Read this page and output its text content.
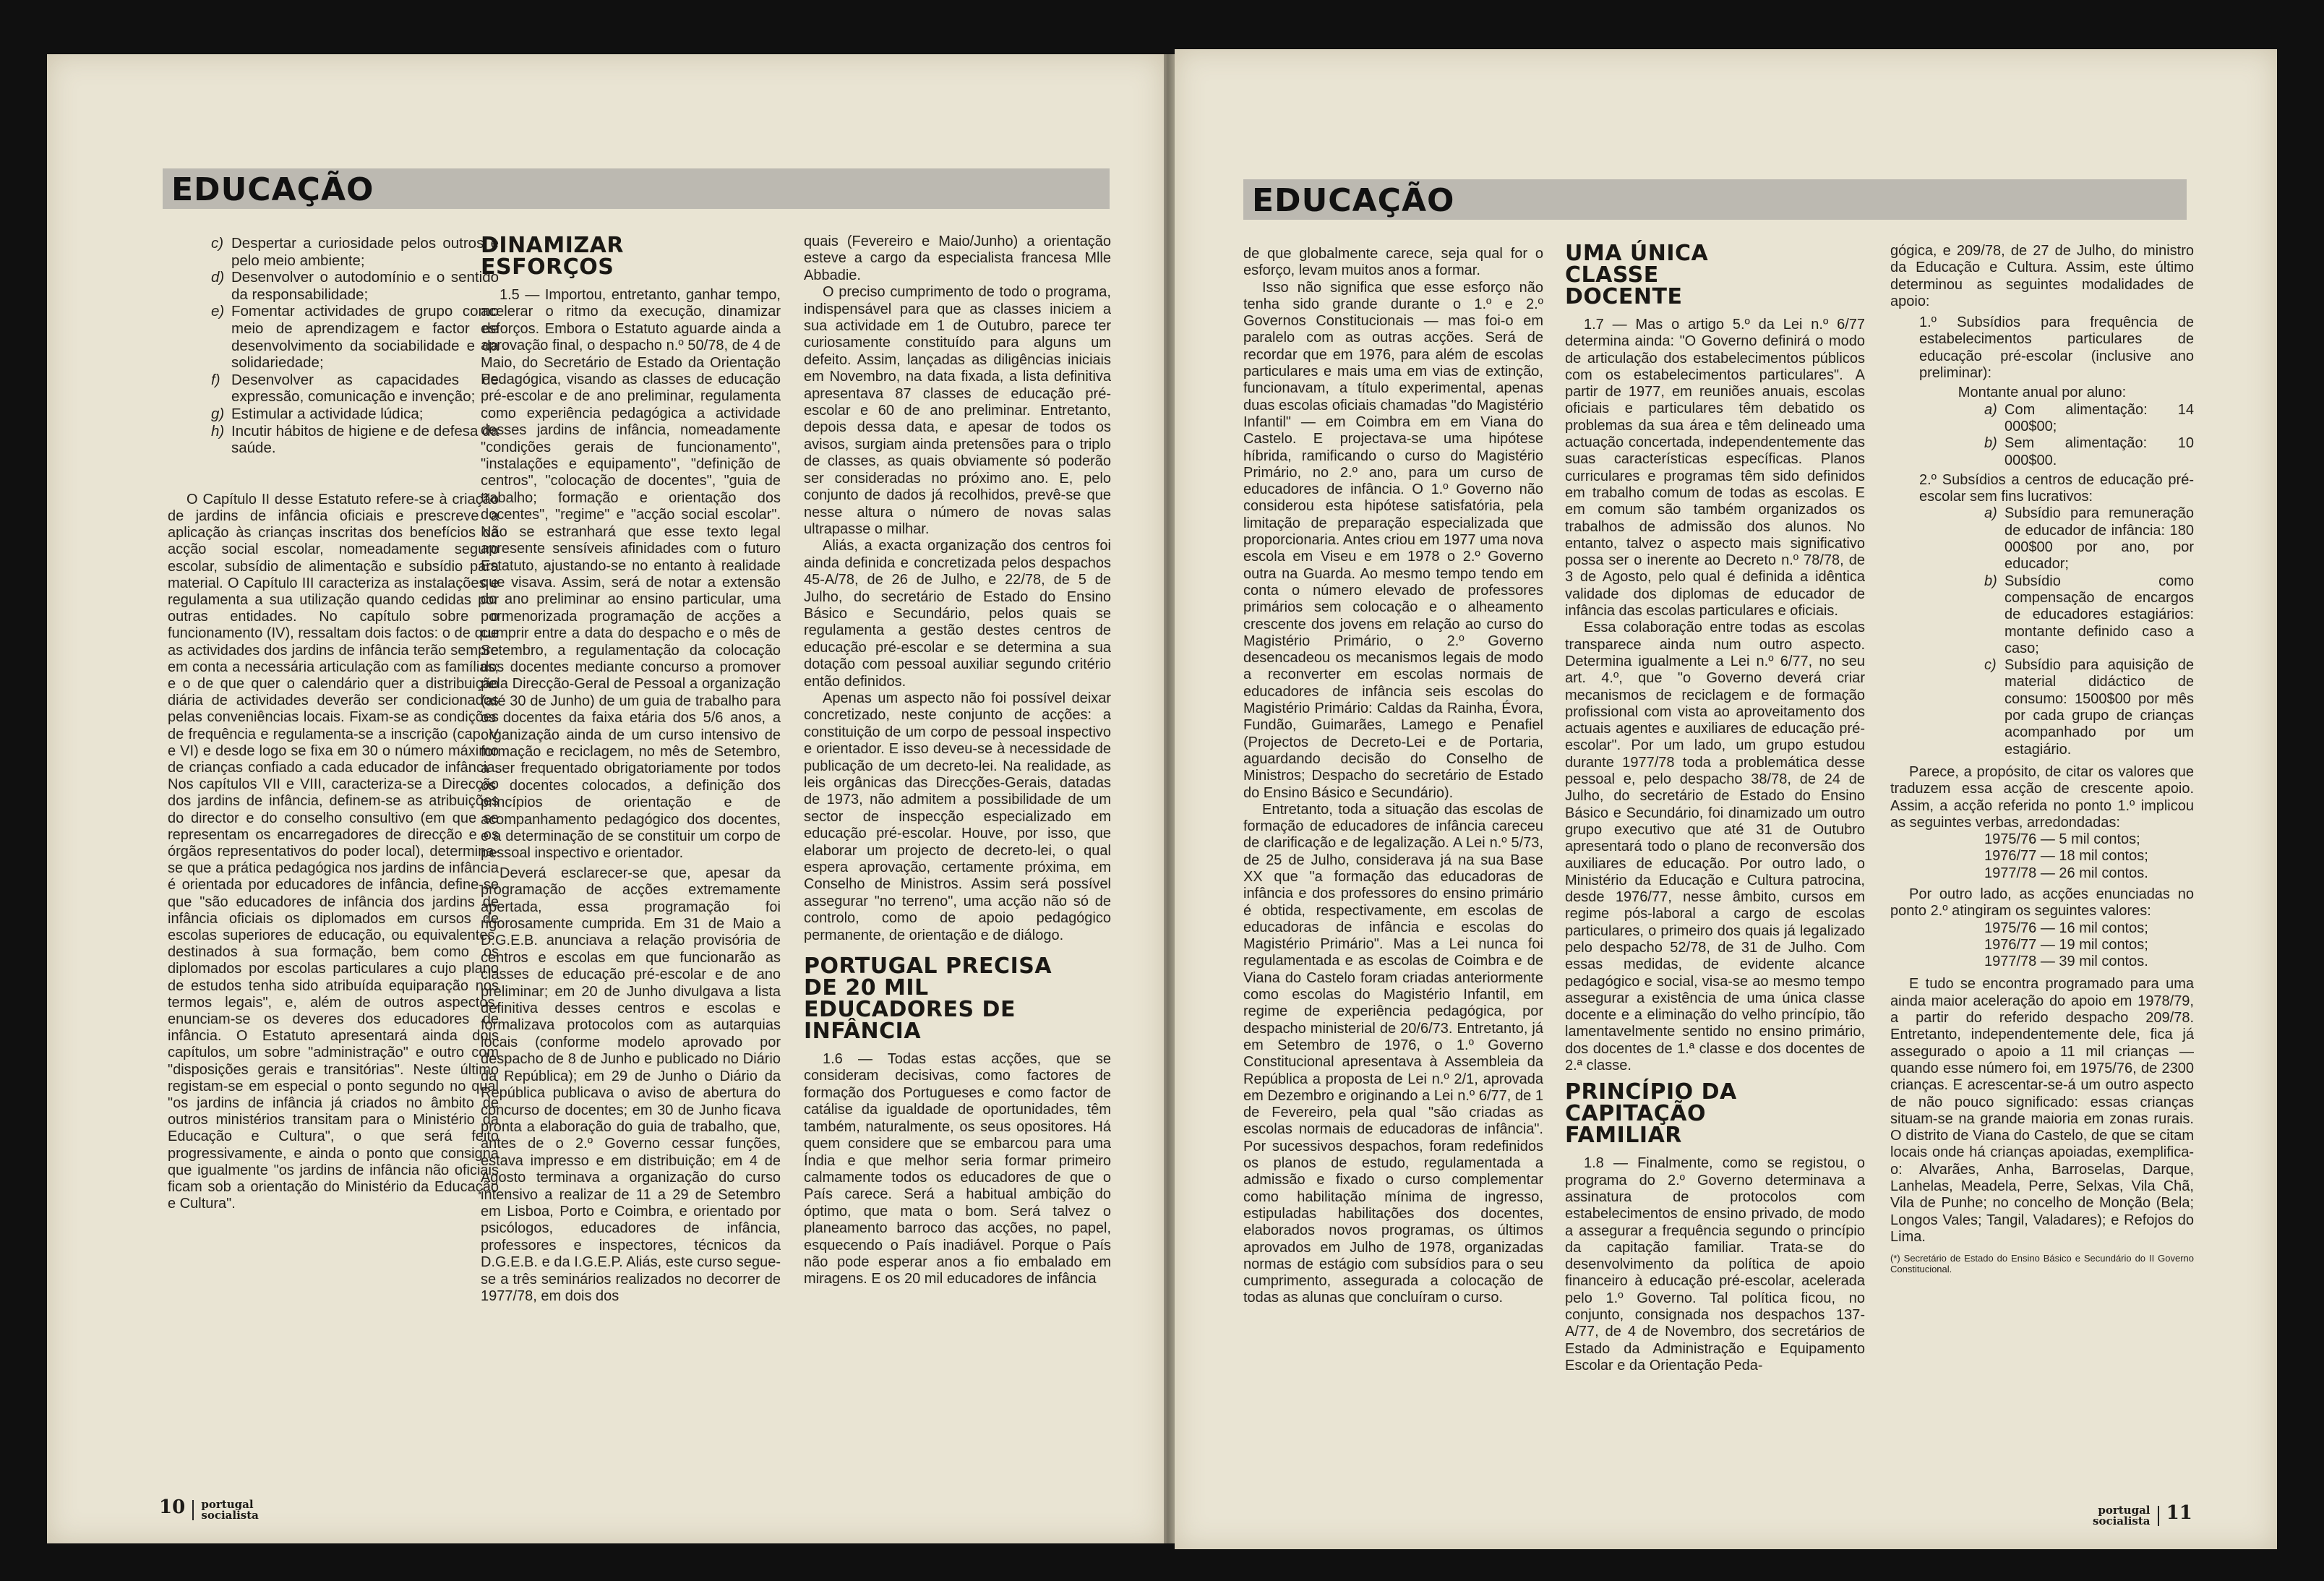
EDUCAÇÃO

c) Despertar a curiosidade pelos outros e pelo meio ambiente;

d) Desenvolver o autodomínio e o sentido da responsabilidade;

e) Fomentar actividades de grupo como meio de aprendizagem e factor de desenvolvimento da sociabilidade e da solidariedade;

f) Desenvolver as capacidades de expressão, comunicação e invenção;

g) Estimular a actividade lúdica;

h) Incutir hábitos de higiene e de defesa da saúde.

O Capítulo II desse Estatuto refere-se à criação de jardins de infância oficiais e prescreve a aplicação às crianças inscritas dos benefícios da acção social escolar, nomeadamente seguro escolar, subsídio de alimentação e subsídio para material. O Capítulo III caracteriza as instalações e regulamenta a sua utilização quando cedidas por outras entidades. No capítulo sobre o funcionamento (IV), ressaltam dois factos: o de que as actividades dos jardins de infância terão sempre em conta a necessária articulação com as famílias; e o de que quer o calendário quer a distribuição diária de actividades deverão ser condicionados pelas conveniências locais. Fixam-se as condições de frequência e regulamenta-se a inscrição (cap. V e VI) e desde logo se fixa em 30 o número máximo de crianças confiado a cada educador de infância. Nos capítulos VII e VIII, caracteriza-se a Direcção dos jardins de infância, definem-se as atribuições do director e do conselho consultivo (em que se representam os encarregadores de direcção e os órgãos representativos do poder local), determina-se que a prática pedagógica nos jardins de infância é orientada por educadores de infância, define-se que "são educadores de infância dos jardins de infância oficiais os diplomados em cursos de escolas superiores de educação, ou equivalentes, destinados à sua formação, bem como os diplomados por escolas particulares a cujo plano de estudos tenha sido atribuída equiparação nos termos legais", e, além de outros aspectos, enunciam-se os deveres dos educadores de infância. O Estatuto apresentará ainda dois capítulos, um sobre "administração" e outro com "disposições gerais e transitórias". Neste último registam-se em especial o ponto segundo no qual "os jardins de infância já criados no âmbito de outros ministérios transitam para o Ministério da Educação e Cultura", o que será feito progressivamente, e ainda o ponto que consigna que igualmente "os jardins de infância não oficiais ficam sob a orientação do Ministério da Educação e Cultura".

DINAMIZAR ESFORÇOS

1.5 — Importou, entretanto, ganhar tempo, acelerar o ritmo da execução, dinamizar esforços. Embora o Estatuto aguarde ainda a aprovação final, o despacho n.º 50/78, de 4 de Maio, do Secretário de Estado da Orientação Pedagógica, visando as classes de educação pré-escolar e de ano preliminar, regulamenta como experiência pedagógica a actividade desses jardins de infância, nomeadamente "condições gerais de funcionamento", "instalações e equipamento", "definição de centros", "colocação de docentes", "guia de trabalho; formação e orientação dos docentes", "regime" e "acção social escolar". Não se estranhará que esse texto legal apresente sensíveis afinidades com o futuro Estatuto, ajustando-se no entanto à realidade que visava. Assim, será de notar a extensão do ano preliminar ao ensino particular, uma pormenorizada programação de acções a cumprir entre a data do despacho e o mês de Setembro, a regulamentação da colocação dos docentes mediante concurso a promover pela Direcção-Geral de Pessoal a organização (até 30 de Junho) de um guia de trabalho para os docentes da faixa etária dos 5/6 anos, a organização ainda de um curso intensivo de formação e reciclagem, no mês de Setembro, a ser frequentado obrigatoriamente por todos os docentes colocados, a definição dos princípios de orientação e de acompanhamento pedagógico dos docentes, e a determinação de se constituir um corpo de pessoal inspectivo e orientador.

Deverá esclarecer-se que, apesar da programação de acções extremamente apertada, essa programação foi rigorosamente cumprida. Em 31 de Maio a D.G.E.B. anunciava a relação provisória de centros e escolas em que funcionarão as classes de educação pré-escolar e de ano preliminar; em 20 de Junho divulgava a lista definitiva desses centros e escolas e formalizava protocolos com as autarquias locais (conforme modelo aprovado por despacho de 8 de Junho e publicado no Diário da República); em 29 de Junho o Diário da República publicava o aviso de abertura do concurso de docentes; em 30 de Junho ficava pronta a elaboração do guia de trabalho, que, antes de o 2.º Governo cessar funções, estava impresso e em distribuição; em 4 de Agosto terminava a organização do curso intensivo a realizar de 11 a 29 de Setembro em Lisboa, Porto e Coimbra, e orientado por psicólogos, educadores de infância, professores e inspectores, técnicos da D.G.E.B. e da I.G.E.P. Aliás, este curso segue-se a três seminários realizados no decorrer de 1977/78, em dois dos

quais (Fevereiro e Maio/Junho) a orientação esteve a cargo da especialista francesa Mlle Abbadie.

O preciso cumprimento de todo o programa, indispensável para que as classes iniciem a sua actividade em 1 de Outubro, parece ter curiosamente constituído para alguns um defeito. Assim, lançadas as diligências iniciais em Novembro, na data fixada, a lista definitiva apresentava 87 classes de educação pré-escolar e 60 de ano preliminar. Entretanto, depois dessa data, e apesar de todos os avisos, surgiam ainda pretensões para o triplo de classes, as quais obviamente só poderão ser consideradas no próximo ano. E, pelo conjunto de dados já recolhidos, prevê-se que nesse altura o número de novas salas ultrapasse o milhar.

Aliás, a exacta organização dos centros foi ainda definida e concretizada pelos despachos 45-A/78, de 26 de Julho, e 22/78, de 5 de Julho, do secretário de Estado do Ensino Básico e Secundário, pelos quais se regulamenta a gestão destes centros de educação pré-escolar e se determina a sua dotação com pessoal auxiliar segundo critério então definidos.

Apenas um aspecto não foi possível deixar concretizado, neste conjunto de acções: a constituição de um corpo de pessoal inspectivo e orientador. E isso deveu-se à necessidade de publicação de um decreto-lei. Na realidade, as leis orgânicas das Direcções-Gerais, datadas de 1973, não admitem a possibilidade de um sector de inspecção especializado em educação pré-escolar. Houve, por isso, que elaborar um projecto de decreto-lei, o qual espera aprovação, certamente próxima, em Conselho de Ministros. Assim será possível assegurar "no terreno", uma acção não só de controlo, como de apoio pedagógico permanente, de orientação e de diálogo.

PORTUGAL PRECISA DE 20 MIL EDUCADORES DE INFÂNCIA

1.6 — Todas estas acções, que se consideram decisivas, como factores de formação dos Portugueses e como factor de catálise da igualdade de oportunidades, têm também, naturalmente, os seus opositores. Há quem considere que se embarcou para uma Índia e que melhor seria formar primeiro calmamente todos os educadores de que o País carece. Será a habitual ambição do óptimo, que mata o bom. Será talvez o planeamento barroco das acções, no papel, esquecendo o País inadiável. Porque o País não pode esperar anos a fio embalado em miragens. E os 20 mil educadores de infância

10 portugal
socialista
EDUCAÇÃO

de que globalmente carece, seja qual for o esforço, levam muitos anos a formar.

Isso não significa que esse esforço não tenha sido grande durante o 1.º e 2.º Governos Constitucionais — mas foi-o em paralelo com as outras acções. Será de recordar que em 1976, para além de escolas particulares e mais uma em vias de extinção, funcionavam, a título experimental, apenas duas escolas oficiais chamadas "do Magistério Infantil" — em Coimbra em em Viana do Castelo. E projectava-se uma hipótese híbrida, ramificando o curso do Magistério Primário, no 2.º ano, para um curso de educadores de infância. O 1.º Governo não considerou esta hipótese satisfatória, pela limitação de preparação especializada que proporcionaria. Antes criou em 1977 uma nova escola em Viseu e em 1978 o 2.º Governo outra na Guarda. Ao mesmo tempo tendo em conta o número elevado de professores primários sem colocação e o alheamento crescente dos jovens em relação ao curso do Magistério Primário, o 2.º Governo desencadeou os mecanismos legais de modo a reconverter em escolas normais de educadores de infância seis escolas do Magistério Primário: Caldas da Rainha, Évora, Fundão, Guimarães, Lamego e Penafiel (Projectos de Decreto-Lei e de Portaria, aguardando decisão do Conselho de Ministros; Despacho do secretário de Estado do Ensino Básico e Secundário).

Entretanto, toda a situação das escolas de formação de educadores de infância careceu de clarificação e de legalização. A Lei n.º 5/73, de 25 de Julho, considerava já na sua Base XX que "a formação das educadoras de infância e dos professores do ensino primário é obtida, respectivamente, em escolas de educadoras de infância e escolas do Magistério Primário". Mas a Lei nunca foi regulamentada e as escolas de Coimbra e de Viana do Castelo foram criadas anteriormente como escolas do Magistério Infantil, em regime de experiência pedagógica, por despacho ministerial de 20/6/73. Entretanto, já em Setembro de 1976, o 1.º Governo Constitucional apresentava à Assembleia da República a proposta de Lei n.º 2/1, aprovada em Dezembro e originando a Lei n.º 6/77, de 1 de Fevereiro, pela qual "são criadas as escolas normais de educadoras de infância". Por sucessivos despachos, foram redefinidos os planos de estudo, regulamentada a admissão e fixado o curso complementar como habilitação mínima de ingresso, estipuladas habilitações dos docentes, elaborados novos programas, os últimos aprovados em Julho de 1978, organizadas normas de estágio com subsídios para o seu cumprimento, assegurada a colocação de todas as alunas que concluíram o curso.

UMA ÚNICA CLASSE DOCENTE

1.7 — Mas o artigo 5.º da Lei n.º 6/77 determina ainda: "O Governo definirá o modo de articulação dos estabelecimentos públicos com os estabelecimentos particulares". A partir de 1977, em reuniões anuais, escolas oficiais e particulares têm debatido os problemas da sua área e têm delineado uma actuação concertada, independentemente das suas características específicas. Planos curriculares e programas têm sido definidos em trabalho comum de todas as escolas. E em comum são também organizados os trabalhos de admissão dos alunos. No entanto, talvez o aspecto mais significativo possa ser o inerente ao Decreto n.º 78/78, de 3 de Agosto, pelo qual é definida a idêntica validade dos diplomas de educador de infância das escolas particulares e oficiais.

Essa colaboração entre todas as escolas transparece ainda num outro aspecto. Determina igualmente a Lei n.º 6/77, no seu art. 4.º, que "o Governo deverá criar mecanismos de reciclagem e de formação profissional com vista ao aproveitamento dos actuais agentes e auxiliares de educação pré-escolar". Por um lado, um grupo estudou durante 1977/78 toda a problemática desse pessoal e, pelo despacho 38/78, de 24 de Julho, do secretário de Estado do Ensino Básico e Secundário, foi dinamizado um outro grupo executivo que até 31 de Outubro apresentará todo o plano de reconversão dos auxiliares de educação. Por outro lado, o Ministério da Educação e Cultura patrocina, desde 1976/77, nesse âmbito, cursos em regime pós-laboral a cargo de escolas particulares, o primeiro dos quais já legalizado pelo despacho 52/78, de 31 de Julho. Com essas medidas, de evidente alcance pedagógico e social, visa-se ao mesmo tempo assegurar a existência de uma única classe docente e a eliminação do velho princípio, tão lamentavelmente sentido no ensino primário, dos docentes de 1.ª classe e dos docentes de 2.ª classe.

PRINCÍPIO DA CAPITAÇÃO FAMILIAR

1.8 — Finalmente, como se registou, o programa do 2.º Governo determinava a assinatura de protocolos com estabelecimentos de ensino privado, de modo a assegurar a frequência segundo o princípio da capitação familiar. Trata-se do desenvolvimento da política de apoio financeiro à educação pré-escolar, acelerada pelo 1.º Governo. Tal política ficou, no conjunto, consignada nos despachos 137-A/77, de 4 de Novembro, dos secretários de Estado da Administração e Equipamento Escolar e da Orientação Peda-

gógica, e 209/78, de 27 de Julho, do ministro da Educação e Cultura. Assim, este último determinou as seguintes modalidades de apoio:

1.º Subsídios para frequência de estabelecimentos particulares de educação pré-escolar (inclusive ano preliminar):

Montante anual por aluno:

a) Com alimentação: 14 000$00;

b) Sem alimentação: 10 000$00.

2.º Subsídios a centros de educação pré-escolar sem fins lucrativos:

a) Subsídio para remuneração de educador de infância: 180 000$00 por ano, por educador;

b) Subsídio como compensação de encargos de educadores estagiários: montante definido caso a caso;

c) Subsídio para aquisição de material didáctico de consumo: 1500$00 por mês por cada grupo de crianças acompanhado por um estagiário.

Parece, a propósito, de citar os valores que traduzem essa acção de crescente apoio. Assim, a acção referida no ponto 1.º implicou as seguintes verbas, arredondadas:

1975/76 — 5 mil contos;

1976/77 — 18 mil contos;

1977/78 — 26 mil contos.

Por outro lado, as acções enunciadas no ponto 2.º atingiram os seguintes valores:

1975/76 — 16 mil contos;

1976/77 — 19 mil contos;

1977/78 — 39 mil contos.

E tudo se encontra programado para uma ainda maior aceleração do apoio em 1978/79, a partir do referido despacho 209/78. Entretanto, independentemente dele, fica já assegurado o apoio a 11 mil crianças — quando esse número foi, em 1975/76, de 2300 crianças. E acrescentar-se-á um outro aspecto de não pouco significado: essas crianças situam-se na grande maioria em zonas rurais. O distrito de Viana do Castelo, de que se citam locais onde há crianças apoiadas, exemplifica-o: Alvarães, Anha, Barroselas, Darque, Lanhelas, Meadela, Perre, Selxas, Vila Chã, Vila de Punhe; no concelho de Monção (Bela; Longos Vales; Tangil, Valadares); e Refojos do Lima.

(*) Secretário de Estado do Ensino Básico e Secundário do II Governo Constitucional.

portugal
socialista 11
